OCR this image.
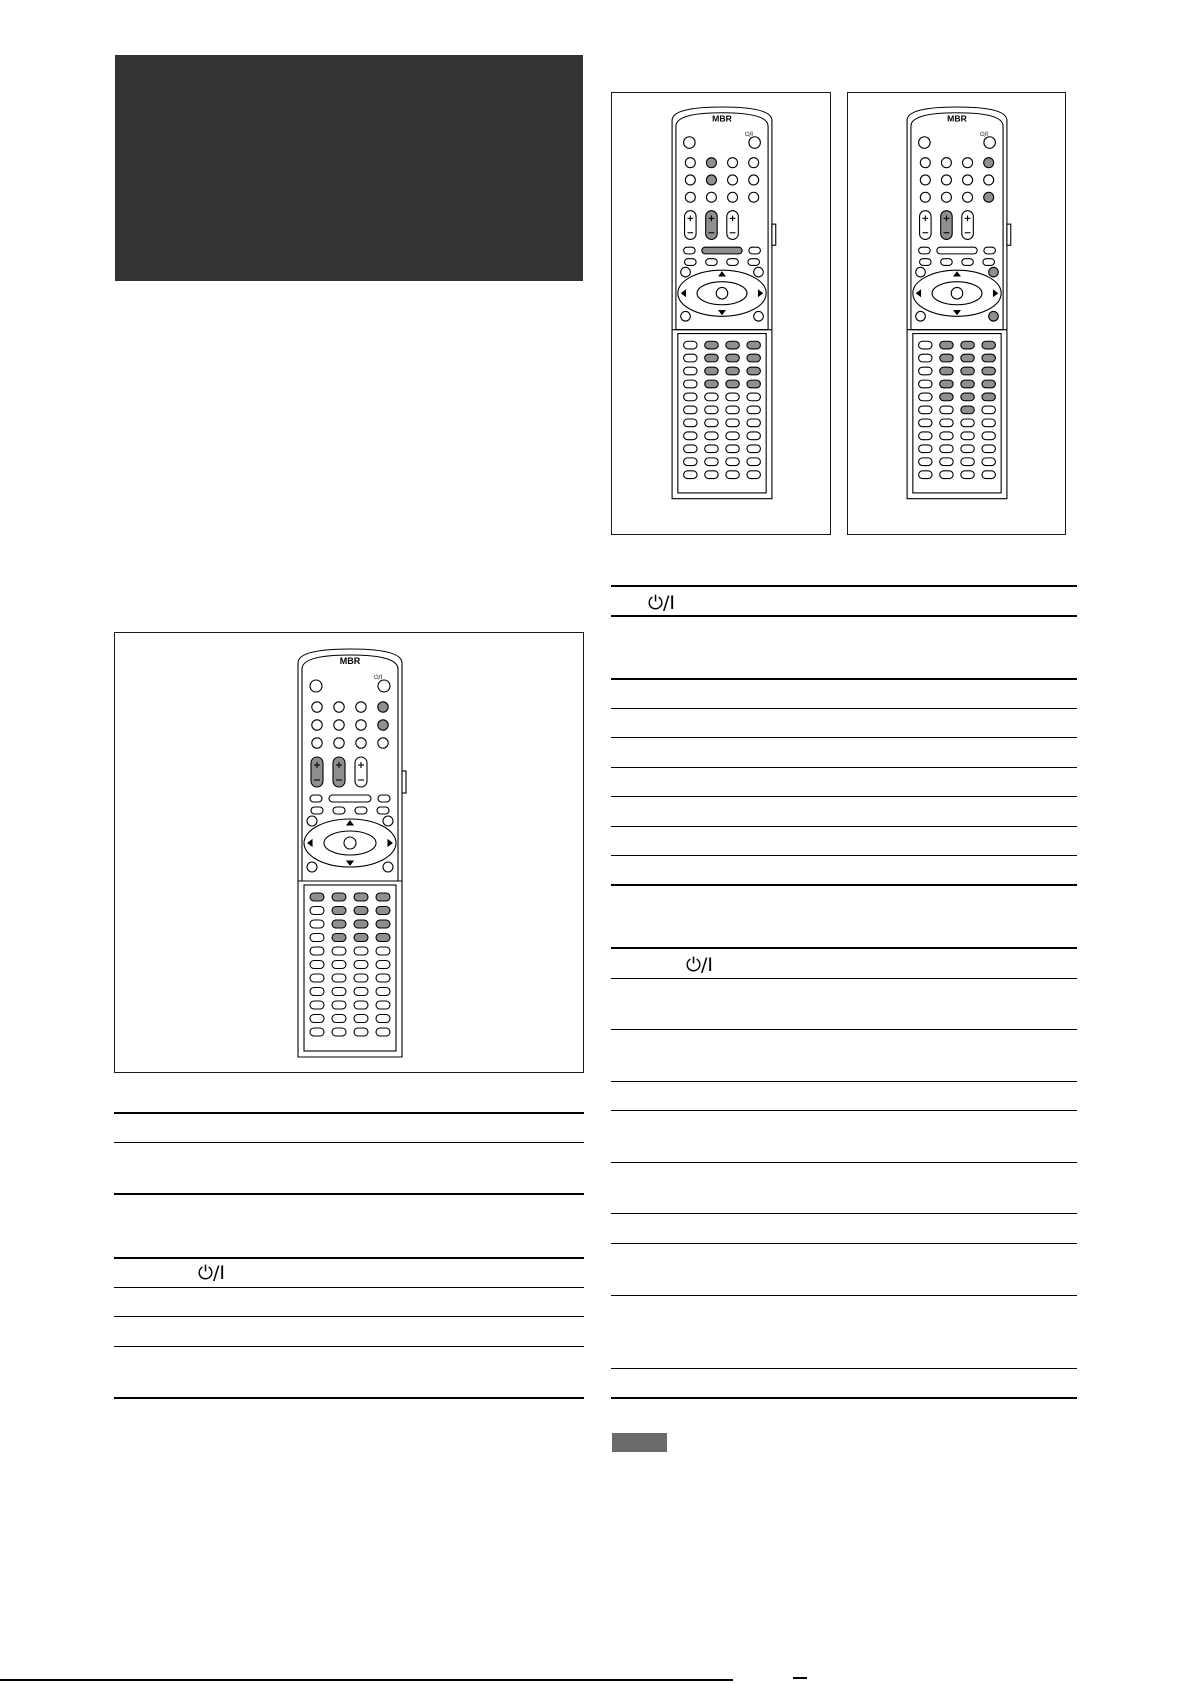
MBR
⏻/I
MBR
⏻/I
MBR
⏻/I
⏻/I
⏻/I
⏻/I
